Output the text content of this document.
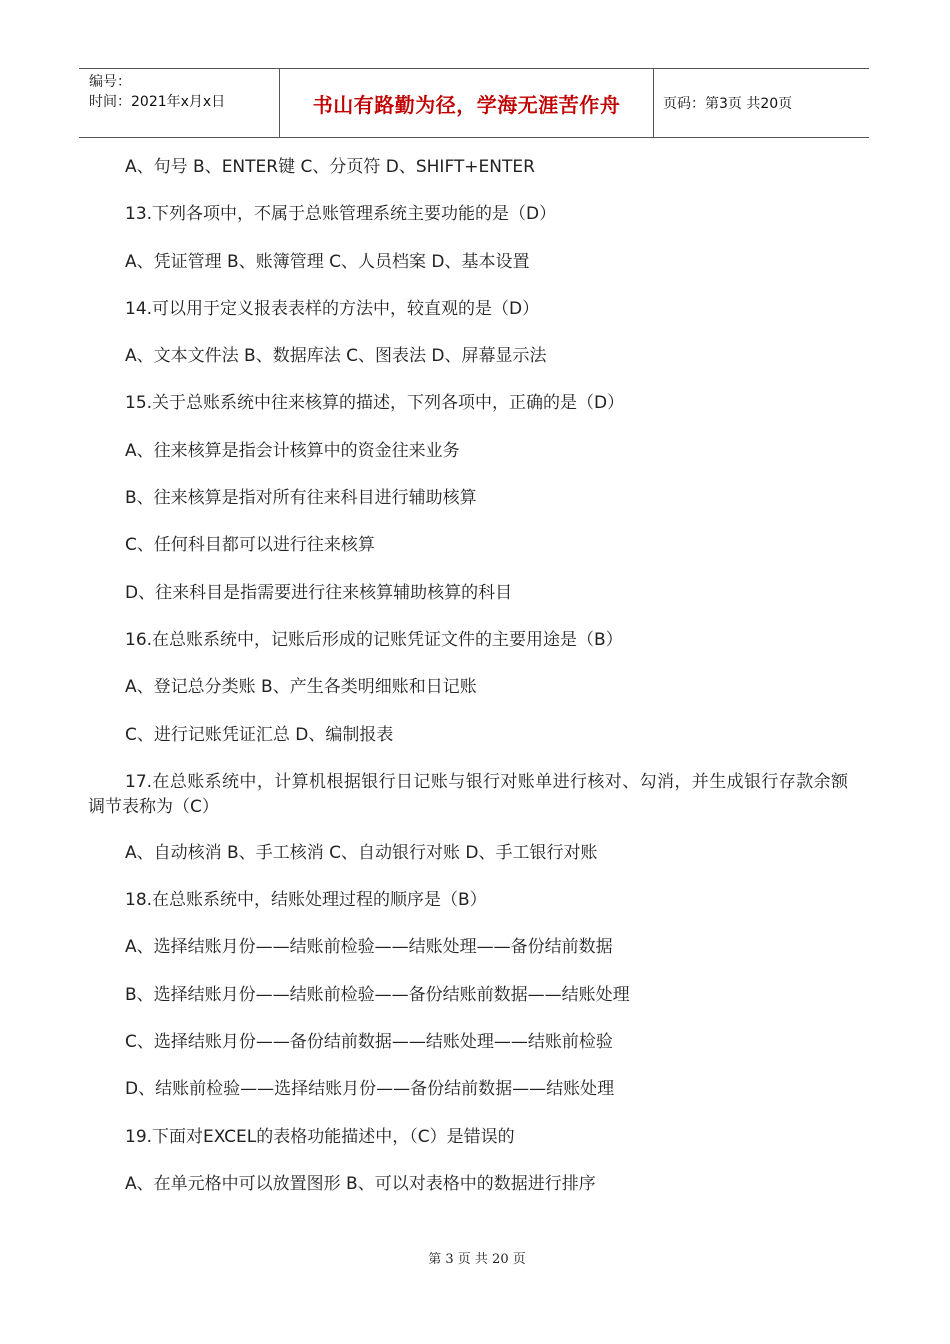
编号：
时间：2021年x月x日	书山有路勤为径，学海无涯苦作舟	页码：第3页 共20页
A、句号 B、ENTER键 C、分页符 D、SHIFT+ENTER
13.下列各项中，不属于总账管理系统主要功能的是（D）
A、凭证管理 B、账簿管理 C、人员档案 D、基本设置
14.可以用于定义报表表样的方法中，较直观的是（D）
A、文本文件法 B、数据库法 C、图表法 D、屏幕显示法
15.关于总账系统中往来核算的描述，下列各项中，正确的是（D）
A、往来核算是指会计核算中的资金往来业务
B、往来核算是指对所有往来科目进行辅助核算
C、任何科目都可以进行往来核算
D、往来科目是指需要进行往来核算辅助核算的科目
16.在总账系统中，记账后形成的记账凭证文件的主要用途是（B）
A、登记总分类账 B、产生各类明细账和日记账
C、进行记账凭证汇总 D、编制报表
17.在总账系统中，计算机根据银行日记账与银行对账单进行核对、勾消，并生成银行存款余额调节表称为（C）
A、自动核消 B、手工核消 C、自动银行对账 D、手工银行对账
18.在总账系统中，结账处理过程的顺序是（B）
A、选择结账月份——结账前检验——结账处理——备份结前数据
B、选择结账月份——结账前检验——备份结账前数据——结账处理
C、选择结账月份——备份结前数据——结账处理——结账前检验
D、结账前检验——选择结账月份——备份结前数据——结账处理
19.下面对EXCEL的表格功能描述中，（C）是错误的
A、在单元格中可以放置图形 B、可以对表格中的数据进行排序
第 3 页 共 20 页
